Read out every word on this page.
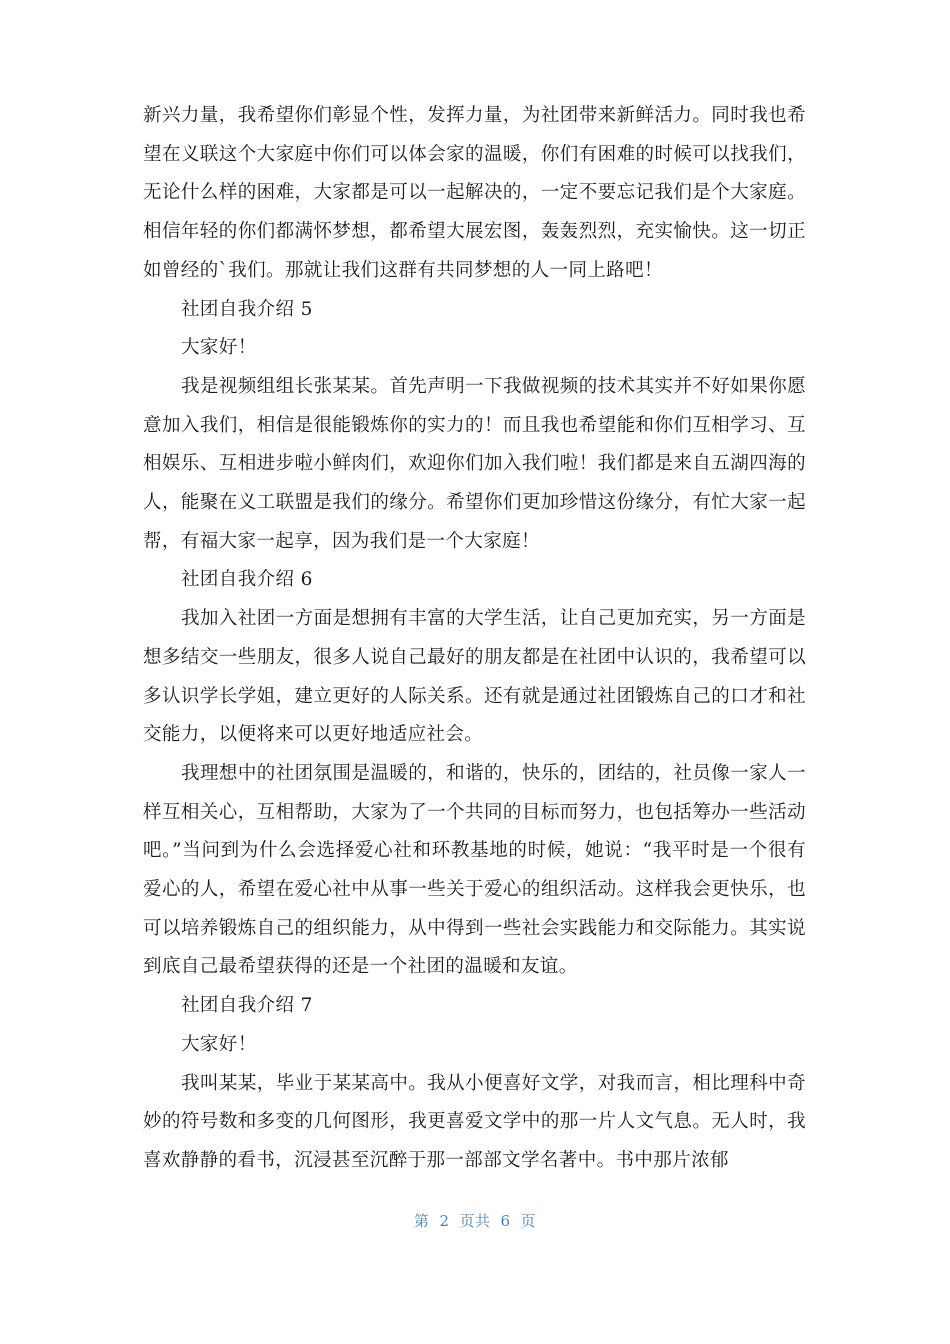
新兴力量，我希望你们彰显个性，发挥力量，为社团带来新鲜活力。同时我也希望在义联这个大家庭中你们可以体会家的温暖，你们有困难的时候可以找我们，无论什么样的困难，大家都是可以一起解决的，一定不要忘记我们是个大家庭。相信年轻的你们都满怀梦想，都希望大展宏图，轰轰烈烈，充实愉快。这一切正如曾经的`我们。那就让我们这群有共同梦想的人一同上路吧！

社团自我介绍 5

大家好！

我是视频组组长张某某。首先声明一下我做视频的技术其实并不好如果你愿意加入我们，相信是很能锻炼你的实力的！而且我也希望能和你们互相学习、互相娱乐、互相进步啦小鲜肉们，欢迎你们加入我们啦！我们都是来自五湖四海的人，能聚在义工联盟是我们的缘分。希望你们更加珍惜这份缘分，有忙大家一起帮，有福大家一起享，因为我们是一个大家庭！

社团自我介绍 6

我加入社团一方面是想拥有丰富的大学生活，让自己更加充实，另一方面是想多结交一些朋友，很多人说自己最好的朋友都是在社团中认识的，我希望可以多认识学长学姐，建立更好的人际关系。还有就是通过社团锻炼自己的口才和社交能力，以便将来可以更好地适应社会。

我理想中的社团氛围是温暖的，和谐的，快乐的，团结的，社员像一家人一样互相关心，互相帮助，大家为了一个共同的目标而努力，也包括筹办一些活动吧。”当问到为什么会选择爱心社和环教基地的时候，她说：“我平时是一个很有爱心的人，希望在爱心社中从事一些关于爱心的组织活动。这样我会更快乐，也可以培养锻炼自己的组织能力，从中得到一些社会实践能力和交际能力。其实说到底自己最希望获得的还是一个社团的温暖和友谊。

社团自我介绍 7

大家好！

我叫某某，毕业于某某高中。我从小便喜好文学，对我而言，相比理科中奇妙的符号数和多变的几何图形，我更喜爱文学中的那一片人文气息。无人时，我喜欢静静的看书，沉浸甚至沉醉于那一部部文学名著中。书中那片浓郁

第 2 页共 6 页
